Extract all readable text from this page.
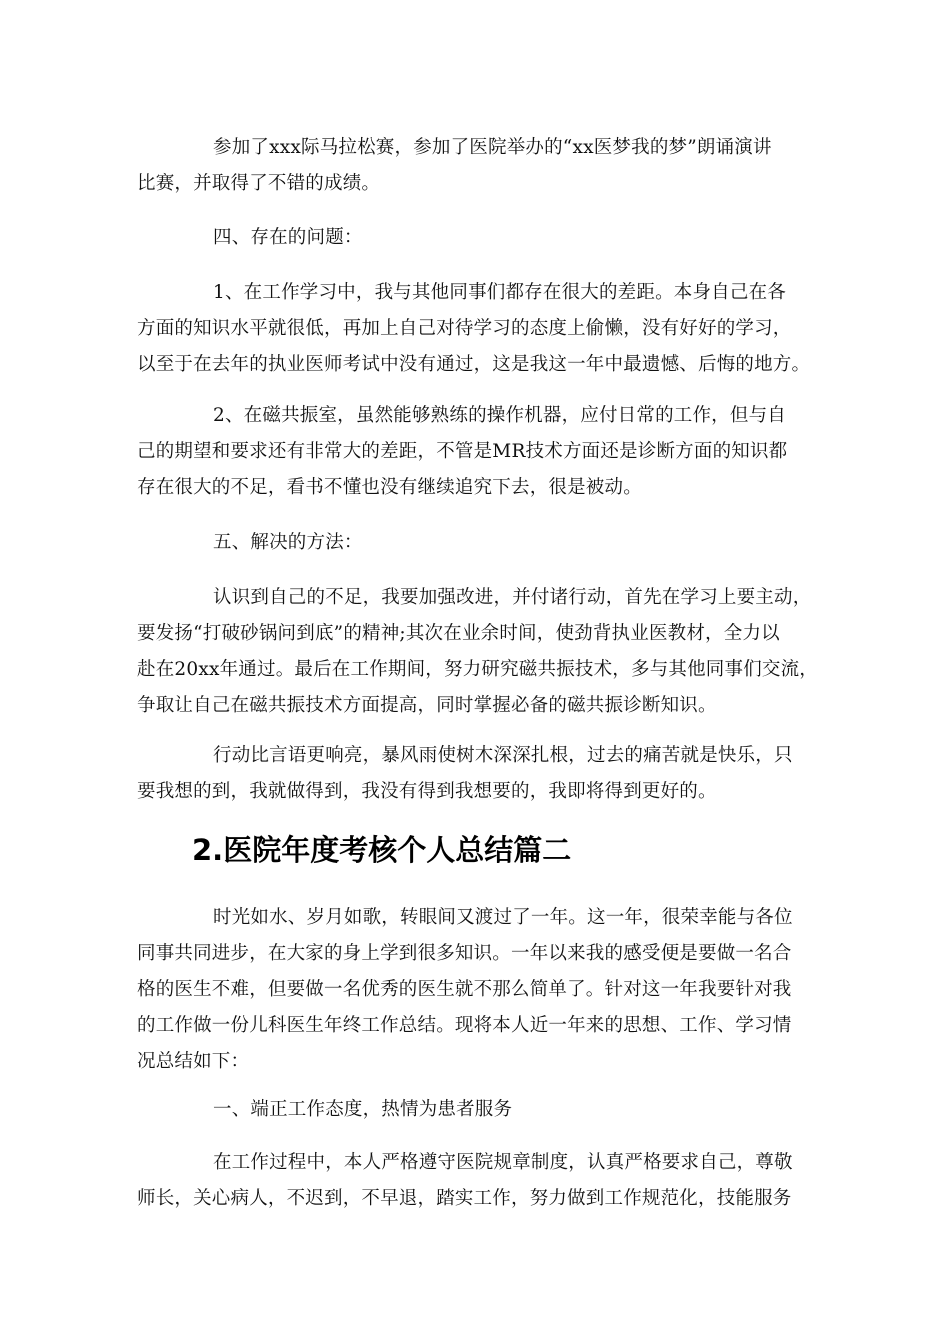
参加了xxx际马拉松赛，参加了医院举办的“xx医梦我的梦”朗诵演讲
比赛，并取得了不错的成绩。

四、存在的问题：

1、在工作学习中，我与其他同事们都存在很大的差距。本身自己在各
方面的知识水平就很低，再加上自己对待学习的态度上偷懒，没有好好的学习，
以至于在去年的执业医师考试中没有通过，这是我这一年中最遗憾、后悔的地方。

2、在磁共振室，虽然能够熟练的操作机器，应付日常的工作，但与自
己的期望和要求还有非常大的差距，不管是MR技术方面还是诊断方面的知识都
存在很大的不足，看书不懂也没有继续追究下去，很是被动。

五、解决的方法：

认识到自己的不足，我要加强改进，并付诸行动，首先在学习上要主动，
要发扬“打破砂锅问到底”的精神;其次在业余时间，使劲背执业医教材，全力以
赴在20xx年通过。最后在工作期间，努力研究磁共振技术，多与其他同事们交流，
争取让自己在磁共振技术方面提高，同时掌握必备的磁共振诊断知识。

行动比言语更响亮，暴风雨使树木深深扎根，过去的痛苦就是快乐，只
要我想的到，我就做得到，我没有得到我想要的，我即将得到更好的。

2.医院年度考核个人总结篇二

时光如水、岁月如歌，转眼间又渡过了一年。这一年，很荣幸能与各位
同事共同进步，在大家的身上学到很多知识。一年以来我的感受便是要做一名合
格的医生不难，但要做一名优秀的医生就不那么简单了。针对这一年我要针对我
的工作做一份儿科医生年终工作总结。现将本人近一年来的思想、工作、学习情
况总结如下：

一、端正工作态度，热情为患者服务

在工作过程中，本人严格遵守医院规章制度，认真严格要求自己，尊敬
师长，关心病人，不迟到，不早退，踏实工作，努力做到工作规范化，技能服务
